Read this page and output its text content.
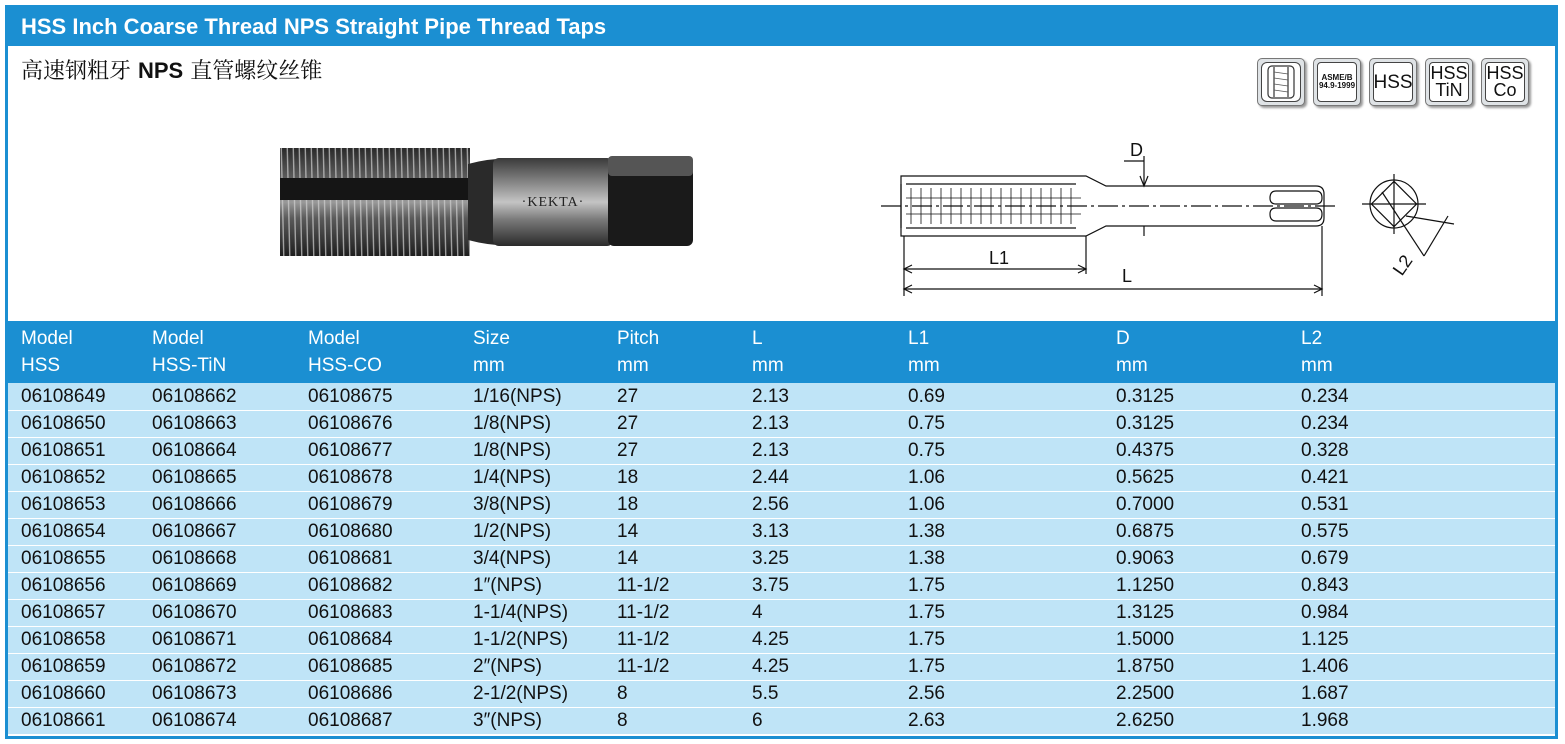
HSS Inch Coarse Thread NPS Straight Pipe Thread Taps
高速钢粗牙 NPS 直管螺纹丝锥	ASME/B
94.9-1999 HSS HSS
TiN
HSS
Co
·KEKTA·
D
L1
L	L2
Model	Model	Model	Size	Pitch	L	L1	D	L2
HSS	HSS-TiN	HSS-CO	mm	mm	mm	mm	mm	mm
06108649	06108662	06108675	1/16(NPS)	27	2.13	0.69	0.3125	0.234
06108650	06108663	06108676	1/8(NPS)	27	2.13	0.75	0.3125	0.234
06108651	06108664	06108677	1/8(NPS)	27	2.13	0.75	0.4375	0.328
06108652	06108665	06108678	1/4(NPS)	18	2.44	1.06	0.5625	0.421
06108653	06108666	06108679	3/8(NPS)	18	2.56	1.06	0.7000	0.531
06108654	06108667	06108680	1/2(NPS)	14	3.13	1.38	0.6875	0.575
06108655	06108668	06108681	3/4(NPS)	14	3.25	1.38	0.9063	0.679
06108656	06108669	06108682	1″(NPS)	11-1/2	3.75	1.75	1.1250	0.843
06108657	06108670	06108683	1-1/4(NPS)	11-1/2	4	1.75	1.3125	0.984
06108658	06108671	06108684	1-1/2(NPS)	11-1/2	4.25	1.75	1.5000	1.125
06108659	06108672	06108685	2″(NPS)	11-1/2	4.25	1.75	1.8750	1.406
06108660	06108673	06108686	2-1/2(NPS)	8	5.5	2.56	2.2500	1.687
06108661	06108674	06108687	3″(NPS)	8	6	2.63	2.6250	1.968
